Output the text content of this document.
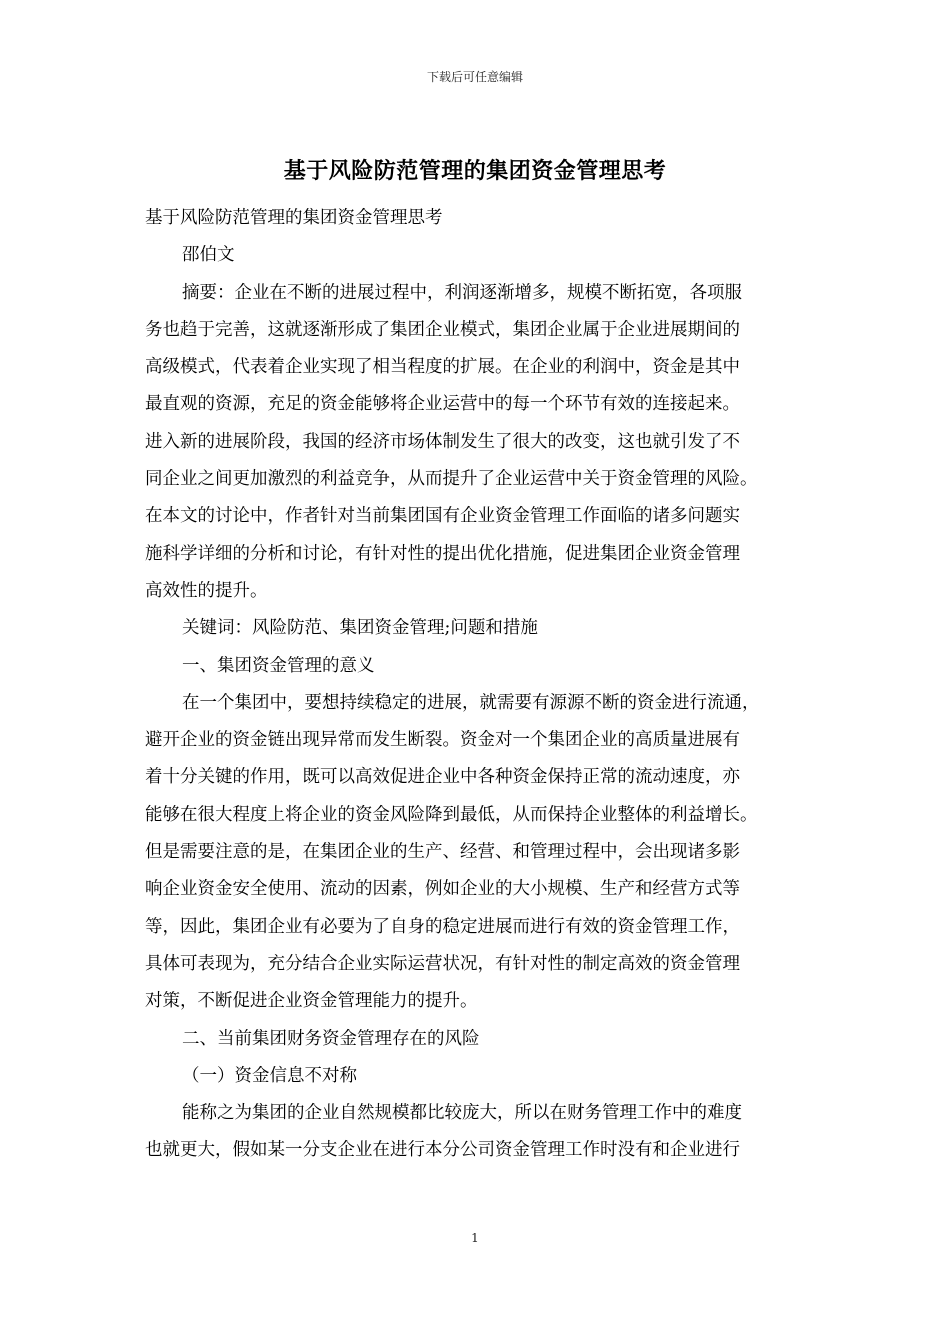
下载后可任意编辑
基于风险防范管理的集团资金管理思考

基于风险防范管理的集团资金管理思考

邵伯文

摘要：企业在不断的进展过程中，利润逐渐增多，规模不断拓宽，各项服

务也趋于完善，这就逐渐形成了集团企业模式，集团企业属于企业进展期间的

高级模式，代表着企业实现了相当程度的扩展。在企业的利润中，资金是其中

最直观的资源，充足的资金能够将企业运营中的每一个环节有效的连接起来。

进入新的进展阶段，我国的经济市场体制发生了很大的改变，这也就引发了不

同企业之间更加激烈的利益竞争，从而提升了企业运营中关于资金管理的风险。

在本文的讨论中，作者针对当前集团国有企业资金管理工作面临的诸多问题实

施科学详细的分析和讨论，有针对性的提出优化措施，促进集团企业资金管理

高效性的提升。

关键词：风险防范、集团资金管理;问题和措施

一、集团资金管理的意义

在一个集团中，要想持续稳定的进展，就需要有源源不断的资金进行流通，

避开企业的资金链出现异常而发生断裂。资金对一个集团企业的高质量进展有

着十分关键的作用，既可以高效促进企业中各种资金保持正常的流动速度，亦

能够在很大程度上将企业的资金风险降到最低，从而保持企业整体的利益增长。

但是需要注意的是，在集团企业的生产、经营、和管理过程中，会出现诸多影

响企业资金安全使用、流动的因素，例如企业的大小规模、生产和经营方式等

等，因此，集团企业有必要为了自身的稳定进展而进行有效的资金管理工作，

具体可表现为，充分结合企业实际运营状况，有针对性的制定高效的资金管理

对策，不断促进企业资金管理能力的提升。

二、当前集团财务资金管理存在的风险

（一）资金信息不对称

能称之为集团的企业自然规模都比较庞大，所以在财务管理工作中的难度

也就更大，假如某一分支企业在进行本分公司资金管理工作时没有和企业进行

1
